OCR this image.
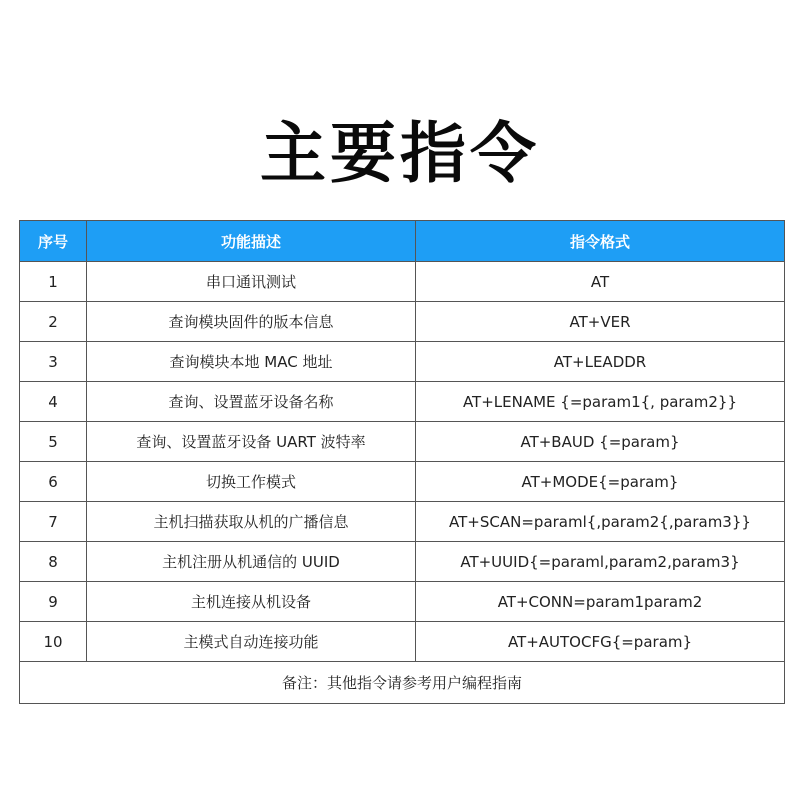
主要指令
序号	功能描述	指令格式
1	串口通讯测试	AT
2	查询模块固件的版本信息	AT+VER
3	查询模块本地 MAC 地址	AT+LEADDR
4	查询、设置蓝牙设备名称	AT+LENAME {=param1{, param2}}
5	查询、设置蓝牙设备 UART 波特率	AT+BAUD {=param}
6	切换工作模式	AT+MODE{=param}
7	主机扫描获取从机的广播信息	AT+SCAN=paraml{,param2{,param3}}
8	主机注册从机通信的 UUID	AT+UUID{=paraml,param2,param3}
9	主机连接从机设备	AT+CONN=param1param2
10	主模式自动连接功能	AT+AUTOCFG{=param}
备注：其他指令请参考用户编程指南		
